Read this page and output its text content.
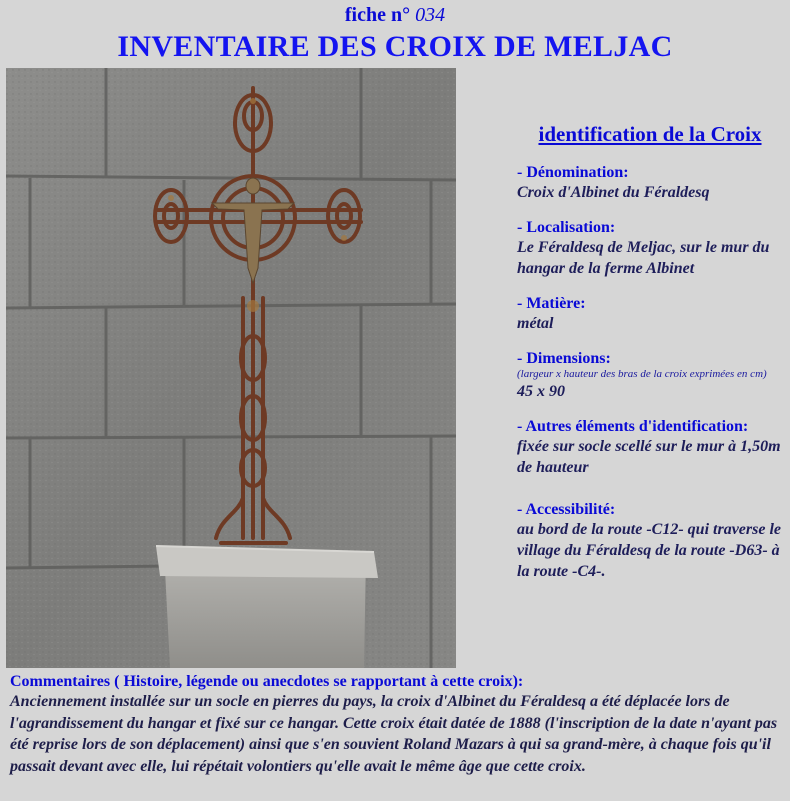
fiche n° 034
INVENTAIRE DES CROIX DE MELJAC
identification de la Croix
- Dénomination:
Croix d'Albinet du Féraldesq
- Localisation:
Le Féraldesq de Meljac, sur le mur du hangar de la ferme Albinet
- Matière:
métal
- Dimensions:
(largeur x hauteur des bras de la croix exprimées en cm)
45 x 90
- Autres éléments d'identification:
fixée sur socle scellé sur le mur à 1,50m de hauteur
- Accessibilité:
au bord de la route -C12- qui traverse le village du Féraldesq de la route -D63- à la route -C4-.
Commentaires ( Histoire, légende ou anecdotes se rapportant à cette croix):
Anciennement installée sur un socle en pierres du pays, la croix d'Albinet du Féraldesq a été déplacée lors de l'agrandissement du hangar et fixé sur ce hangar. Cette croix était datée de 1888 (l'inscription de la date n'ayant pas été reprise lors de son déplacement) ainsi que s'en souvient Roland Mazars à qui sa grand-mère, à chaque fois qu'il passait devant avec elle, lui répétait volontiers qu'elle avait le même âge que cette croix.
